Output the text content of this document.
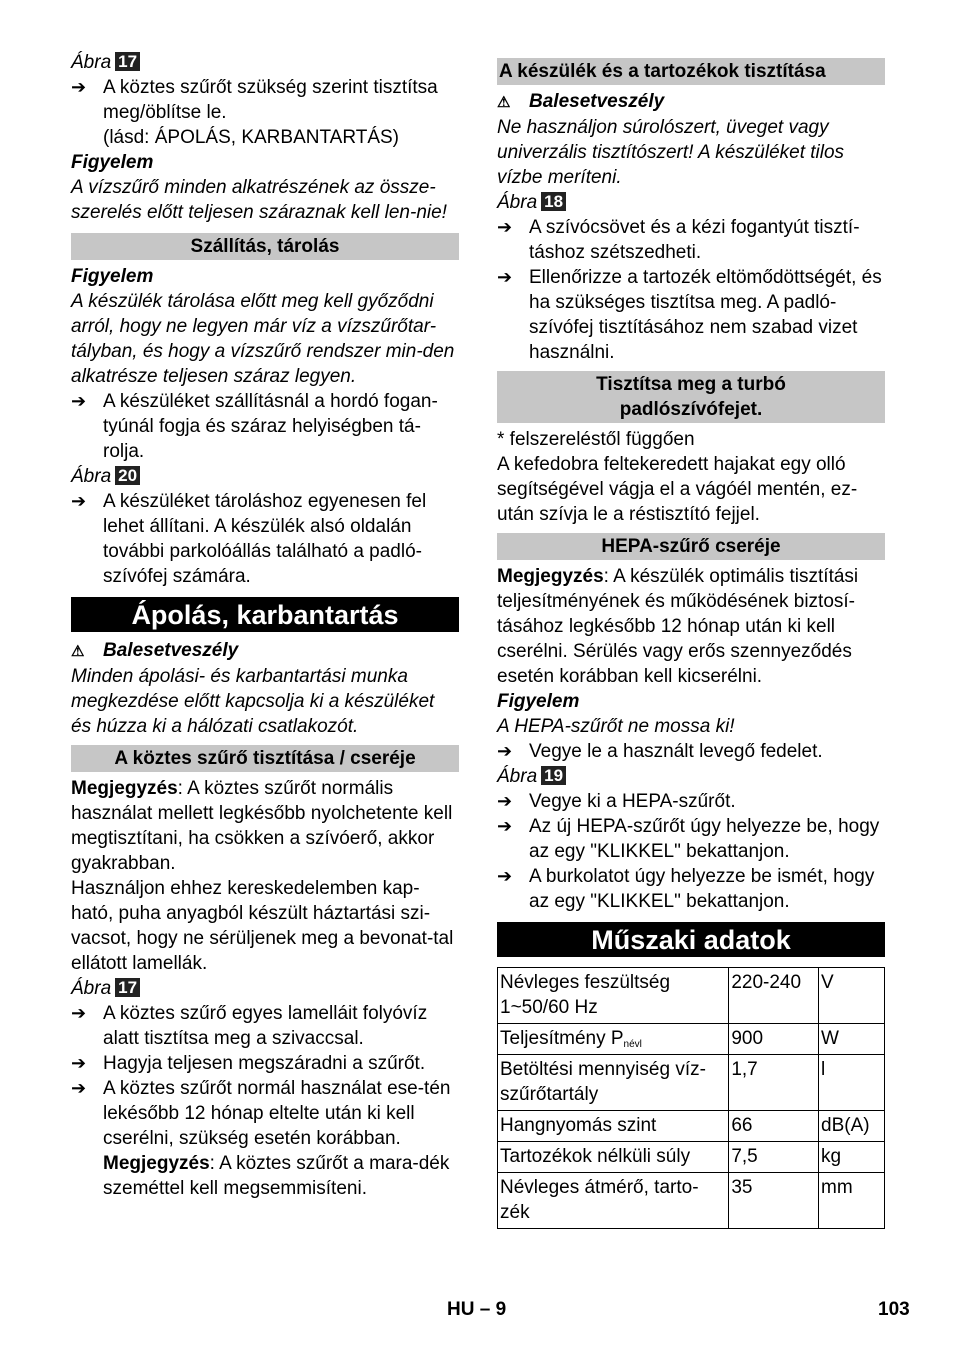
Ábra 17

➔ A köztes szűrőt szükség szerint tisztítsa meg/öblítse le.

(lásd: ÁPOLÁS, KARBANTARTÁS)

Figyelem

A vízszűrő minden alkatrészének az össze-szerelés előtt teljesen száraznak kell len-nie!

Szállítás, tárolás

Figyelem

A készülék tárolása előtt meg kell győződni arról, hogy ne legyen már víz a vízszűrőtar-tályban, és hogy a vízszűrő rendszer min-den alkatrésze teljesen száraz legyen.

➔ A készüléket szállításnál a hordó fogan-tyúnál fogja és száraz helyiségben tá-rolja.

Ábra 20

➔ A készüléket tároláshoz egyenesen fel lehet állítani. A készülék alsó oldalán további parkolóállás található a padló-szívófej számára.
Ápolás, karbantartás

⚠ Balesetveszély

Minden ápolási- és karbantartási munka megkezdése előtt kapcsolja ki a készüléket és húzza ki a hálózati csatlakozót.

A köztes szűrő tisztítása / cseréje

Megjegyzés: A köztes szűrőt normális használat mellett legkésőbb nyolchetente kell megtisztítani, ha csökken a szívóerő, akkor gyakrabban.

Használjon ehhez kereskedelemben kap-ható, puha anyagból készült háztartási szi-vacsot, hogy ne sérüljenek meg a bevonat-tal ellátott lamellák.

Ábra 17

➔ A köztes szűrő egyes lamelláit folyóvíz alatt tisztítsa meg a szivaccsal.
➔ Hagyja teljesen megszáradni a szűrőt.
➔ A köztes szűrőt normál használat ese-tén lekésőbb 12 hónap eltelte után ki kell cserélni, szükség esetén korábban.
Megjegyzés: A köztes szűrőt a mara-dék szeméttel kell megsemmisíteni.
A készülék és a tartozékok tisztítása

⚠ Balesetveszély

Ne használjon súrolószert, üveget vagy univerzális tisztítószert! A készüléket tilos vízbe meríteni.

Ábra 18

➔ A szívócsövet és a kézi fogantyút tisztí-táshoz szétszedheti.
➔ Ellenőrizze a tartozék eltömődöttségét, és ha szükséges tisztítsa meg. A padló-szívófej tisztításához nem szabad vizet használni.
Tisztítsa meg a turbó padlószívófejet.

* felszereléstől függően

A kefedobra feltekeredett hajakat egy olló segítségével vágja el a vágóél mentén, ez-után szívja le a réstisztító fejjel.

HEPA-szűrő cseréje

Megjegyzés: A készülék optimális tisztítási teljesítményének és működésének biztosí-tásához legkésőbb 12 hónap után ki kell cserélni. Sérülés vagy erős szennyeződés esetén korábban kell kicserélni.

Figyelem

A HEPA-szűrőt ne mossa ki!

➔ Vegye le a használt levegő fedelet.

Ábra 19

➔ Vegye ki a HEPA-szűrőt.
➔ Az új HEPA-szűrőt úgy helyezze be, hogy az egy "KLIKKEL" bekattanjon.
➔ A burkolatot úgy helyezze be ismét, hogy az egy "KLIKKEL" bekattanjon.
Műszaki adatok
Névleges feszültség 1~50/60 Hz	220-240	V
Teljesítmény $P_{névl}$	900	W
Betöltési mennyiség víz-szűrőtartály	1,7	l
Hangnyomás szint	66	dB(A)
Tartozékok nélküli súly	7,5	kg
Névleges átmérő, tarto-zék	35	mm
HU – 9	103
